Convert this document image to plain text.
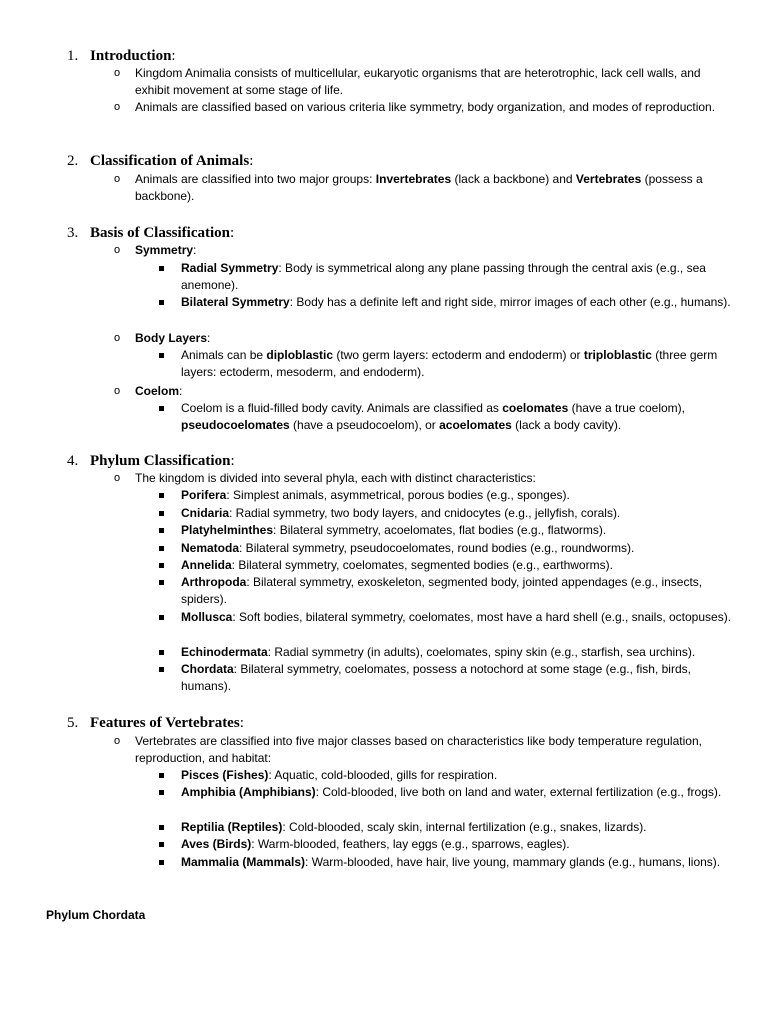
1. Introduction:
o Kingdom Animalia consists of multicellular, eukaryotic organisms that are heterotrophic, lack cell walls, and exhibit movement at some stage of life.
o Animals are classified based on various criteria like symmetry, body organization, and modes of reproduction.
2. Classification of Animals:
o Animals are classified into two major groups: Invertebrates (lack a backbone) and Vertebrates (possess a backbone).
3. Basis of Classification:
o Symmetry:
Radial Symmetry: Body is symmetrical along any plane passing through the central axis (e.g., sea anemone).
Bilateral Symmetry: Body has a definite left and right side, mirror images of each other (e.g., humans).
o Body Layers:
Animals can be diploblastic (two germ layers: ectoderm and endoderm) or triploblastic (three germ layers: ectoderm, mesoderm, and endoderm).
o Coelom:
Coelom is a fluid-filled body cavity. Animals are classified as coelomates (have a true coelom), pseudocoelomates (have a pseudocoelom), or acoelomates (lack a body cavity).
4. Phylum Classification:
o The kingdom is divided into several phyla, each with distinct characteristics:
Porifera: Simplest animals, asymmetrical, porous bodies (e.g., sponges).
Cnidaria: Radial symmetry, two body layers, and cnidocytes (e.g., jellyfish, corals).
Platyhelminthes: Bilateral symmetry, acoelomates, flat bodies (e.g., flatworms).
Nematoda: Bilateral symmetry, pseudocoelomates, round bodies (e.g., roundworms).
Annelida: Bilateral symmetry, coelomates, segmented bodies (e.g., earthworms).
Arthropoda: Bilateral symmetry, exoskeleton, segmented body, jointed appendages (e.g., insects, spiders).
Mollusca: Soft bodies, bilateral symmetry, coelomates, most have a hard shell (e.g., snails, octopuses).
Echinodermata: Radial symmetry (in adults), coelomates, spiny skin (e.g., starfish, sea urchins).
Chordata: Bilateral symmetry, coelomates, possess a notochord at some stage (e.g., fish, birds, humans).
5. Features of Vertebrates:
o Vertebrates are classified into five major classes based on characteristics like body temperature regulation, reproduction, and habitat:
Pisces (Fishes): Aquatic, cold-blooded, gills for respiration.
Amphibia (Amphibians): Cold-blooded, live both on land and water, external fertilization (e.g., frogs).
Reptilia (Reptiles): Cold-blooded, scaly skin, internal fertilization (e.g., snakes, lizards).
Aves (Birds): Warm-blooded, feathers, lay eggs (e.g., sparrows, eagles).
Mammalia (Mammals): Warm-blooded, have hair, live young, mammary glands (e.g., humans, lions).
Phylum Chordata
